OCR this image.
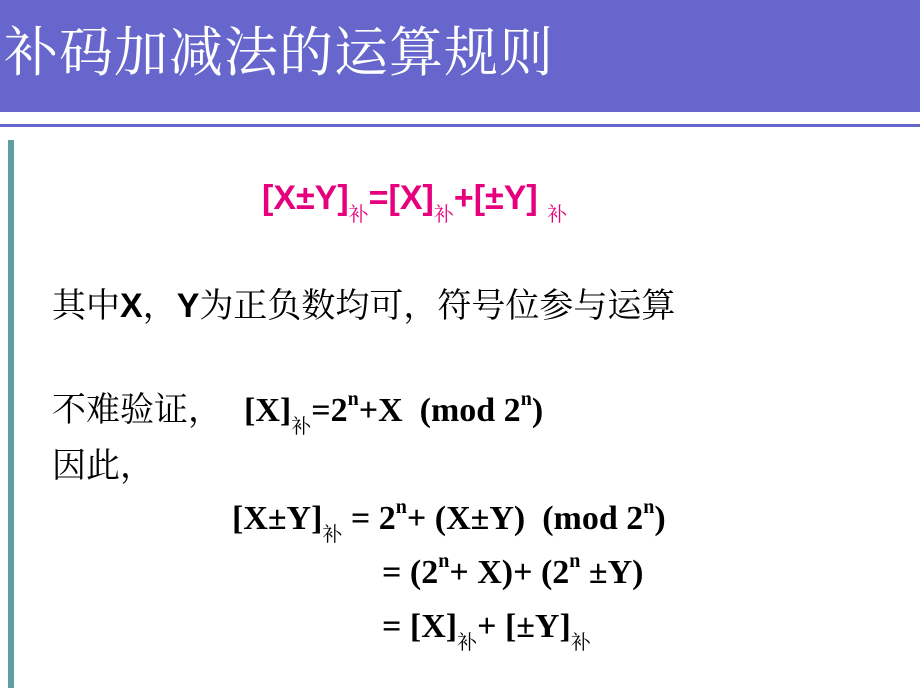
补码加减法的运算规则
$[X\pm Y]_补=[X]_补+[\pm Y]$ $_补$
其中X，Y为正负数均可，符号位参与运算
不难验证， $[X]_补=2^n+X$  (mod 2$^n$)
因此，
$[X\pm Y]_补 = 2^n+ (X\pm Y)$  (mod $2^n$)
= $(2^n+ X)+ (2^n \pm Y)$
= $[X]_补+ [\pm Y]_补$
